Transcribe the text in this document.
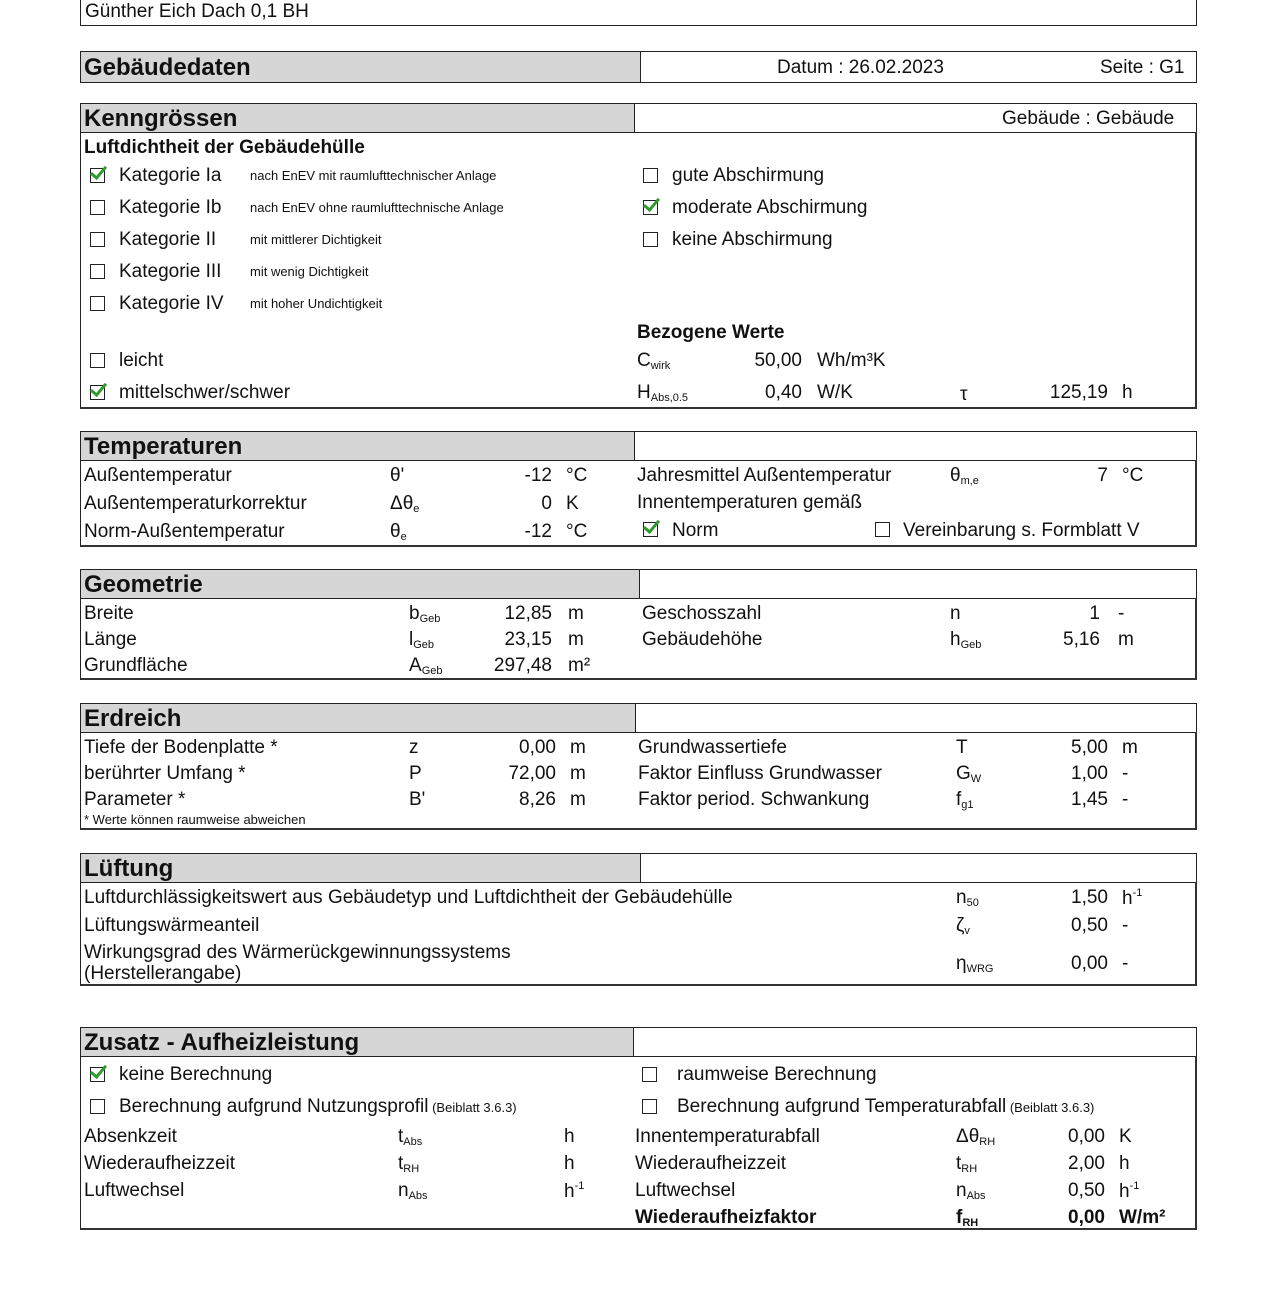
Günther Eich Dach 0,1 BH
Gebäudedaten	Datum : 26.02.2023	Seite : G1
Kenngrössen	Gebäude : Gebäude
Luftdichtheit der Gebäudehülle
Kategorie Ia nach EnEV mit raumlufttechnischer Anlage
Kategorie Ib nach EnEV ohne raumlufttechnische Anlage
Kategorie II	mit mittlerer Dichtigkeit
Kategorie III mit wenig Dichtigkeit
Kategorie IV mit hoher Undichtigkeit
gute Abschirmung
moderate Abschirmung
keine Abschirmung
leicht
mittelschwer/schwer
Bezogene Werte
$C_{wirk}$	50,00 Wh/m³K
$H_{Abs,0.5}$	0,40 W/K	τ	125,19 h
Temperaturen
Außentemperatur	θ'	-12 °C
Außentemperaturkorrektur	$\Delta\theta_e$	0 K
Norm-Außentemperatur	$\theta_e$	-12 °C
Jahresmittel Außentemperatur	$\theta_{m,e}$	7 °C
Innentemperaturen gemäß
Norm	Vereinbarung s. Formblatt V
Geometrie
Breite	$b_{Geb}$	12,85 m
Länge	$l_{Geb}$	23,15 m
Grundfläche	$A_{Geb}$	297,48 m²
Geschosszahl	n	1 -
Gebäudehöhe	$h_{Geb}$	5,16 m
Erdreich
Tiefe der Bodenplatte *	z	0,00 m
berührter Umfang *	P	72,00 m
Parameter *	B'	8,26 m
Grundwassertiefe	T	5,00 m
Faktor Einfluss Grundwasser	$G_W$	1,00 -
Faktor period. Schwankung	$f_{g1}$	1,45 -
* Werte können raumweise abweichen
Lüftung
Luftdurchlässigkeitswert aus Gebäudetyp und Luftdichtheit der Gebäudehülle	$n_{50}$	1,50 $h^{-1}$
Lüftungswärmeanteil	$\zeta_v$	0,50 -
Wirkungsgrad des Wärmerückgewinnungssystems
(Herstellerangabe)	$\eta_{WRG}$	0,00 -
Zusatz - Aufheizleistung
keine Berechnung
Berechnung aufgrund Nutzungsprofil (Beiblatt 3.6.3)
raumweise Berechnung
Berechnung aufgrund Temperaturabfall (Beiblatt 3.6.3)
Absenkzeit	$t_{Abs}$	h
Wiederaufheizzeit	$t_{RH}$	h
Luftwechsel	$n_{Abs}$	$h^{-1}$
Innentemperaturabfall	$\Delta\theta_{RH}$	0,00 K
Wiederaufheizzeit	$t_{RH}$	2,00 h
Luftwechsel	$n_{Abs}$	0,50 $h^{-1}$
Wiederaufheizfaktor	$f_{RH}$	0,00 W/m²
